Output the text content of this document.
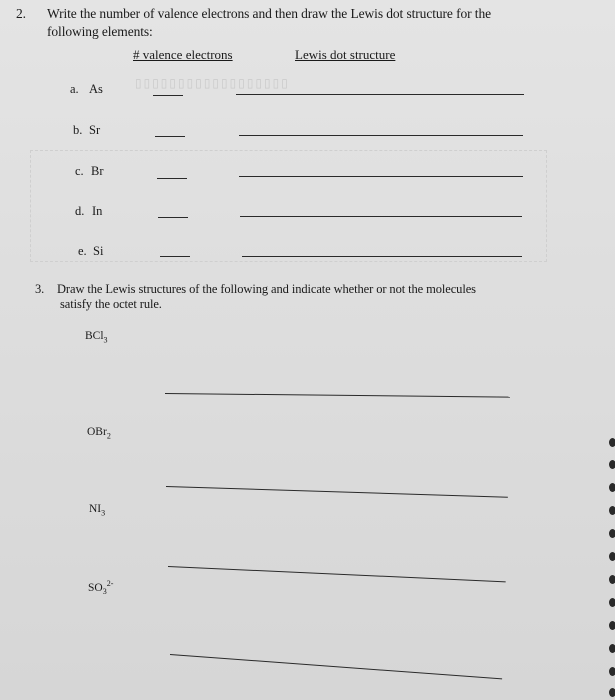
▯▯▯▯▯▯▯▯▯▯▯▯▯▯▯▯▯▯
2. Write the number of valence electrons and then draw the Lewis dot structure for the
following elements:
# valence electrons	Lewis dot structure
a. As
b. Sr
c. Br
d. In
e. Si
3. Draw the Lewis structures of the following and indicate whether or not the molecules
satisfy the octet rule.
BCl$_3$
OBr$_2$
$NI_3$
$SO_3^{2-}$
